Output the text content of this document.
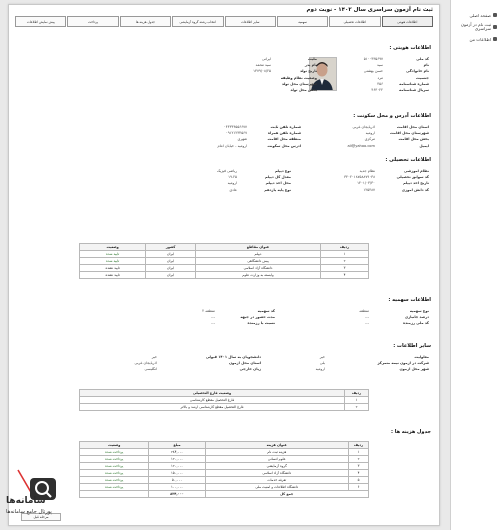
صفحه اصلی
ثبت نام در آزمون سراسری
اطلاعات من
ثبت نام آزمون سراسری سال ۱۴۰۲ - نوبت دوم
اطلاعات هویتی
اطلاعات تحصیلی
سهمیه
سایر اطلاعات
انتخاب رشته گروه آزمایشی
جدول هزینه ها
پرداخت
پیش نمایش اطلاعات
اطلاعات هویتی :
کد ملی
۵۱۰۰۴۳۵۶۹۷
ملیت
ایرانی
نام
سید
نام پدر
سید محمد
نام خانوادگی
حسن بهشتی
تاریخ تولد
۱۳۷۹/۰۸/۲۵
جنسیت
مرد
وضعیت نظام وظیفه
شماره شناسنامه
۴۵۶
شهرستان محل تولد
سریال شناسنامه
۴۶۳۰۲۲
بخش محل تولد
اطلاعات آدرس و محل سکونت :
استان محل اقامت
آذربایجان غربی
شماره تلفن ثابت
۰۴۴۳۴۴۵۵۶۶۷۷
شهرستان محل اقامت
ارومیه
شماره تلفن همراه
۰۹۱۲۱۲۳۴۵۶۷
بخش محل اقامت
مرکزی
منطقه محل اقامت
شهری
ایمیل
ali@yahoo.com
آدرس محل سکونت
ارومیه - خیابان امام
اطلاعات تحصیلی :
نظام آموزشی
نظام جدید
نوع دیپلم
ریاضی فیزیک
کد سوابق تحصیلی
۳۴۰۲۰۱۸۷۵۸۸۷۹۰۳۸
معدل کل دیپلم
۱۹.۲۵
تاریخ اخذ دیپلم
۱۴۰۱/۰۳/۳۰
محل اخذ دیپلم
ارومیه
کد دانش آموزی
۱۲۵۴۸۷
نوع پایه یازدهم
عادی
ردیف	عنوان مقاطع	کشور	وضعیت
۱	دیپلم	ایران	تایید شده
۲	پیش دانشگاهی	ایران	تایید شده
۳	دانشگاه آزاد اسلامی	ایران	تایید نشده
۴	وابسته به وزارت علوم	ایران	تایید نشده
اطلاعات سهمیه :
نوع سهمیه
منطقه
کد سهمیه
منطقه ۲
درصد جانبازی
---
مدت حضور در جبهه
---
کد ملی رزمنده
---
نسبت با رزمنده
---
سایر اطلاعات :
معلولیت
خیر
دانشجویان به سال ۱۴۰۱ قبولی
خیر
شرکت در آزمون نیمه متمرکز
بلی
استان محل آزمون
آذربایجان غربی
شهر محل آزمون
ارومیه
زبان خارجی
انگلیسی
ردیف	وضعیت فارغ التحصیلی
۱	فارغ التحصیل مقطع کارشناسی
۲	فارغ التحصیل مقطع کارشناسی ارشد و بالاتر
جدول هزینه ها :
ردیف	عنوان هزینه	مبلغ	وضعیت
۱	هزینه ثبت نام	۲۸۴,۰۰۰	پرداخت شده
۲	علوم انسانی	۱۲۰,۰۰۰	پرداخت شده
۳	گروه آزمایشی	۱۲۰,۰۰۰	پرداخت شده
۴	دانشگاه آزاد اسلامی	۱۵۰,۰۰۰	پرداخت شده
۵	تعرفه خدمات	۵۰,۰۰۰	پرداخت شده
۶	دانشگاه اطلاعات و امنیت ملی	۱۰۰,۰۰۰	پرداخت شده
جمع کل		۸۲۴,۰۰۰	
مرحله قبل
سامانه‌ها
پورتال جامع سامانه‌ها
